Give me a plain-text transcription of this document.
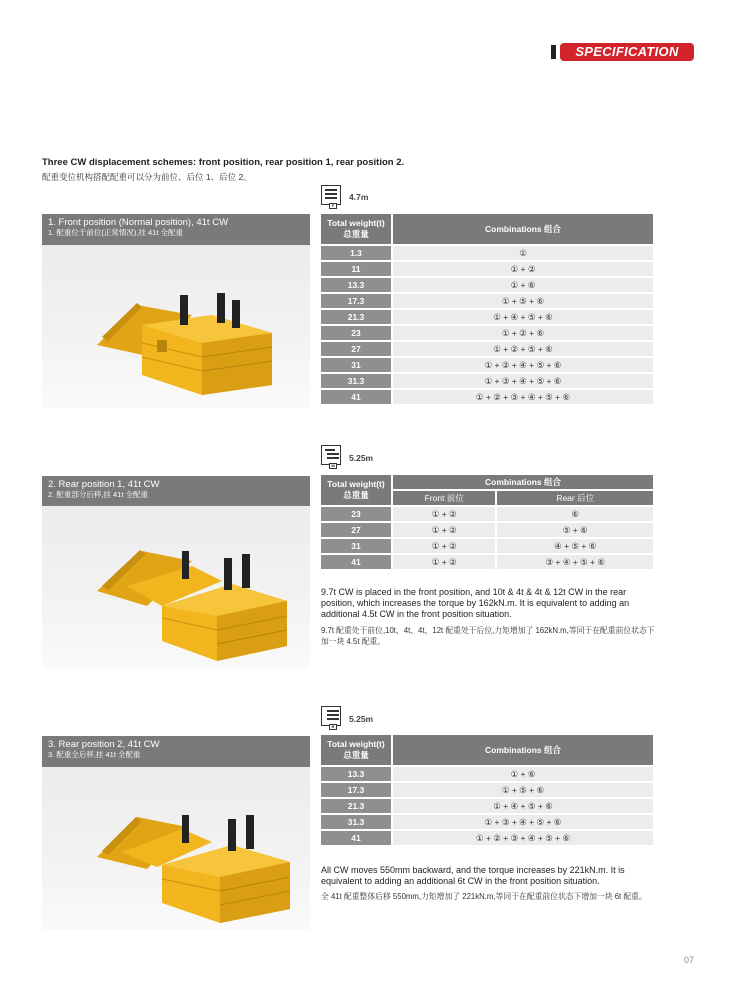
SPECIFICATION
Three CW displacement schemes: front position, rear position 1, rear position 2.
配重变位机构搭配配重可以分为前位、后位 1、后位 2。
F
4.7m
1. Front position (Normal position), 41t CW
1. 配重位于前位(正常情况),挂 41t 全配重
Total weight(t)
总重量	Combinations 组合
1.3	①
11	① + ②
13.3	① + ⑥
17.3	① + ⑤ + ⑥
21.3	① + ④ + ⑤ + ⑥
23	① + ② + ⑥
27	① + ② + ⑤ + ⑥
31	① + ② + ④ + ⑤ + ⑥
31.3	① + ③ + ④ + ⑤ + ⑥
41	① + ② + ③ + ④ + ⑤ + ⑥
M
5.25m
2. Rear position 1, 41t CW
2. 配重部分后移,挂 41t 全配重
Total weight(t)
总重量	Combinations 组合	
	Front 前位	Rear 后位
23	① + ②	⑥
27	① + ②	⑤ + ⑥
31	① + ②	④ + ⑤ + ⑥
41	① + ②	③ + ④ + ⑤ + ⑥
9.7t CW is placed in the front position, and 10t & 4t & 4t & 12t CW in the rear position, which increases the torque by 162kN.m. It is equivalent to adding an additional 4.5t CW in the front position situation.
9.7t 配重处于前位,10t、4t、4t、12t 配重处于后位,力矩增加了 162kN.m,等同于在配重前位状态下加一块 4.5t 配重。
R
5.25m
3. Rear position 2, 41t CW
3. 配重全后移,挂 41t 全配重
Total weight(t)
总重量	Combinations 组合
13.3	① + ⑥
17.3	① + ⑤ + ⑥
21.3	① + ④ + ⑤ + ⑥
31.3	① + ③ + ④ + ⑤ + ⑥
41	① + ② + ③ + ④ + ⑤ + ⑥
All CW moves 550mm backward, and the torque increases by 221kN.m. It is equivalent to adding an additional 6t CW in the front position situation.
全 41t 配重整体后移 550mm,力矩增加了 221kN.m,等同于在配重前位状态下增加一块 6t 配重。
07
